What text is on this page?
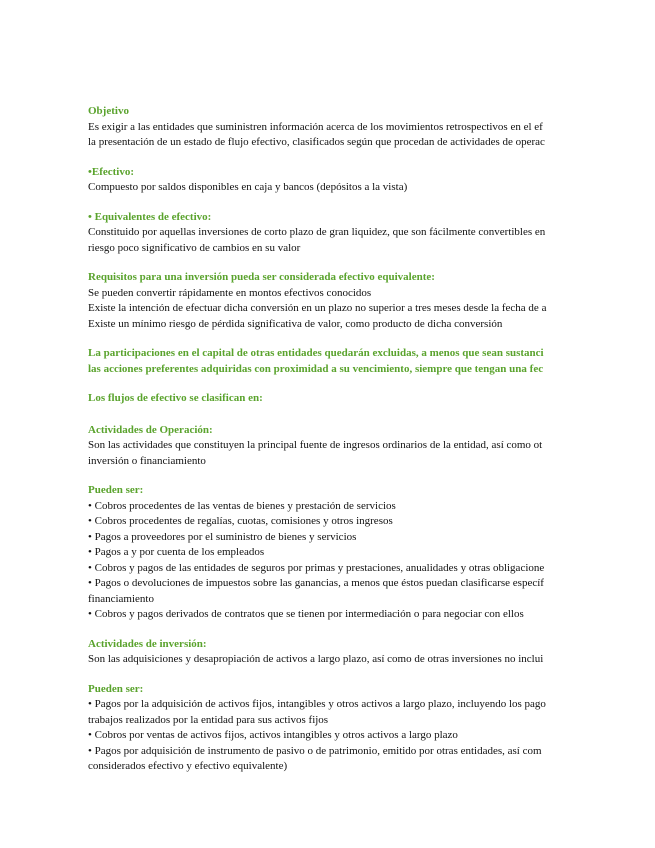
Objetivo
Es exigir a las entidades que suministren información acerca de los movimientos retrospectivos en el ef
la presentación de un estado de flujo efectivo, clasificados según que procedan de actividades de operac
•Efectivo:
Compuesto por saldos disponibles en caja y bancos (depósitos a la vista)
• Equivalentes de efectivo:
Constituido por aquellas inversiones de corto plazo de gran liquidez, que son fácilmente convertibles en
riesgo poco significativo de cambios en su valor
Requisitos para una inversión pueda ser considerada efectivo equivalente:
Se pueden convertir rápidamente en montos efectivos conocidos
Existe la intención de efectuar dicha conversión en un plazo no superior a tres meses desde la fecha de a
Existe un mínimo riesgo de pérdida significativa de valor, como producto de dicha conversión
La participaciones en el capital de otras entidades quedarán excluidas, a menos que sean sustanci
las acciones preferentes adquiridas con proximidad a su vencimiento, siempre que tengan una fec
Los flujos de efectivo se clasifican en:
Actividades de Operación:
Son las actividades que constituyen la principal fuente de ingresos ordinarios de la entidad, así como ot
inversión o financiamiento
Pueden ser:
• Cobros procedentes de las ventas de bienes y prestación de servicios
• Cobros procedentes de regalías, cuotas, comisiones y otros ingresos
• Pagos a proveedores por el suministro de bienes y servicios
• Pagos a y por cuenta de los empleados
• Cobros y pagos de las entidades de seguros por primas y prestaciones, anualidades y otras obligacione
• Pagos o devoluciones de impuestos sobre las ganancias, a menos que éstos puedan clasificarse específ
financiamiento
• Cobros y pagos derivados de contratos que se tienen por intermediación o para negociar con ellos
Actividades de inversión:
Son las adquisiciones y desapropiación de activos a largo plazo, así como de otras inversiones no inclui
Pueden ser:
• Pagos por la adquisición de activos fijos, intangibles y otros activos a largo plazo, incluyendo los pago
trabajos realizados por la entidad para sus activos fijos
• Cobros por ventas de activos fijos, activos intangibles y otros activos a largo plazo
• Pagos por adquisición de instrumento de pasivo o de patrimonio, emitido por otras entidades, así com
considerados efectivo y efectivo equivalente)
